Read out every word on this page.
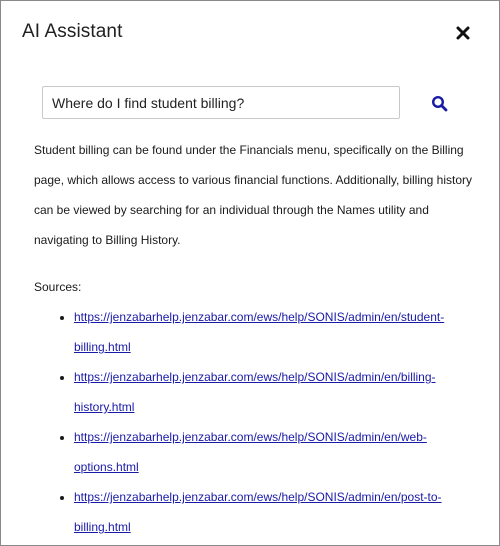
AI Assistant
Where do I find student billing?

Student billing can be found under the Financials menu, specifically on the Billing page, which allows access to various financial functions. Additionally, billing history can be viewed by searching for an individual through the Names utility and navigating to Billing History.

Sources:

• https://jenzabarhelp.jenzabar.com/ews/help/SONIS/admin/en/student-
billing.html
• https://jenzabarhelp.jenzabar.com/ews/help/SONIS/admin/en/billing-
history.html
• https://jenzabarhelp.jenzabar.com/ews/help/SONIS/admin/en/web-
options.html
• https://jenzabarhelp.jenzabar.com/ews/help/SONIS/admin/en/post-to-
billing.html
